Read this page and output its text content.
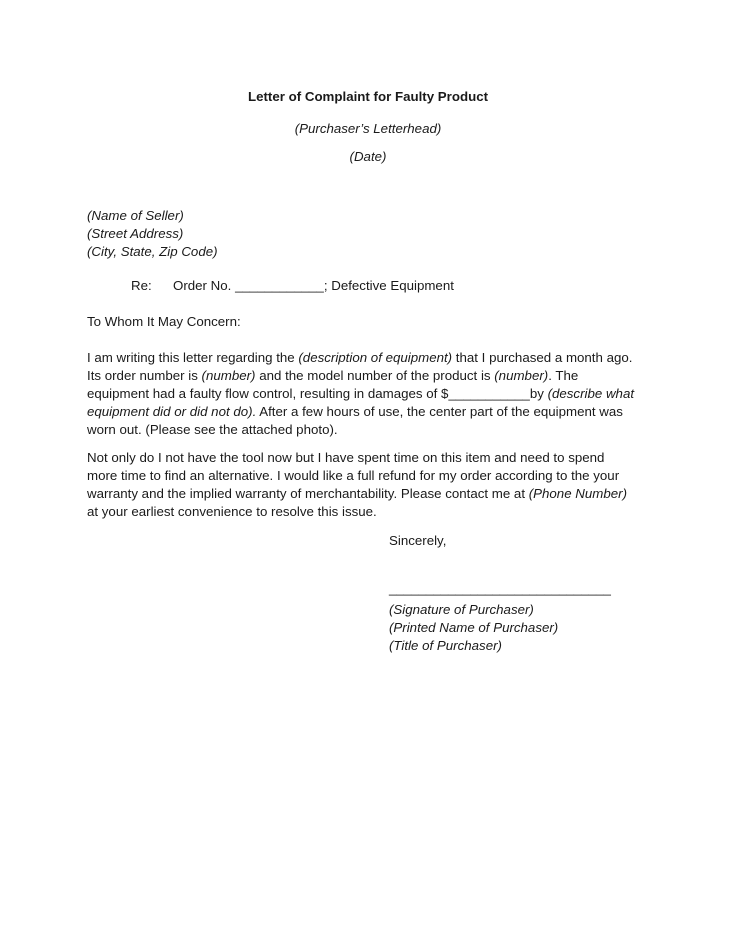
Letter of Complaint for Faulty Product
(Purchaser’s Letterhead)
(Date)
(Name of Seller)
(Street Address)
(City, State, Zip Code)
Re: Order No. ____________; Defective Equipment
To Whom It May Concern:
I am writing this letter regarding the (description of equipment) that I purchased a month ago.
Its order number is (number) and the model number of the product is (number). The
equipment had a faulty flow control, resulting in damages of $___________by (describe what
equipment did or did not do). After a few hours of use, the center part of the equipment was
worn out. (Please see the attached photo).
Not only do I not have the tool now but I have spent time on this item and need to spend
more time to find an alternative. I would like a full refund for my order according to the your
warranty and the implied warranty of merchantability. Please contact me at (Phone Number)
at your earliest convenience to resolve this issue.
Sincerely,
______________________________
(Signature of Purchaser)
(Printed Name of Purchaser)
(Title of Purchaser)
